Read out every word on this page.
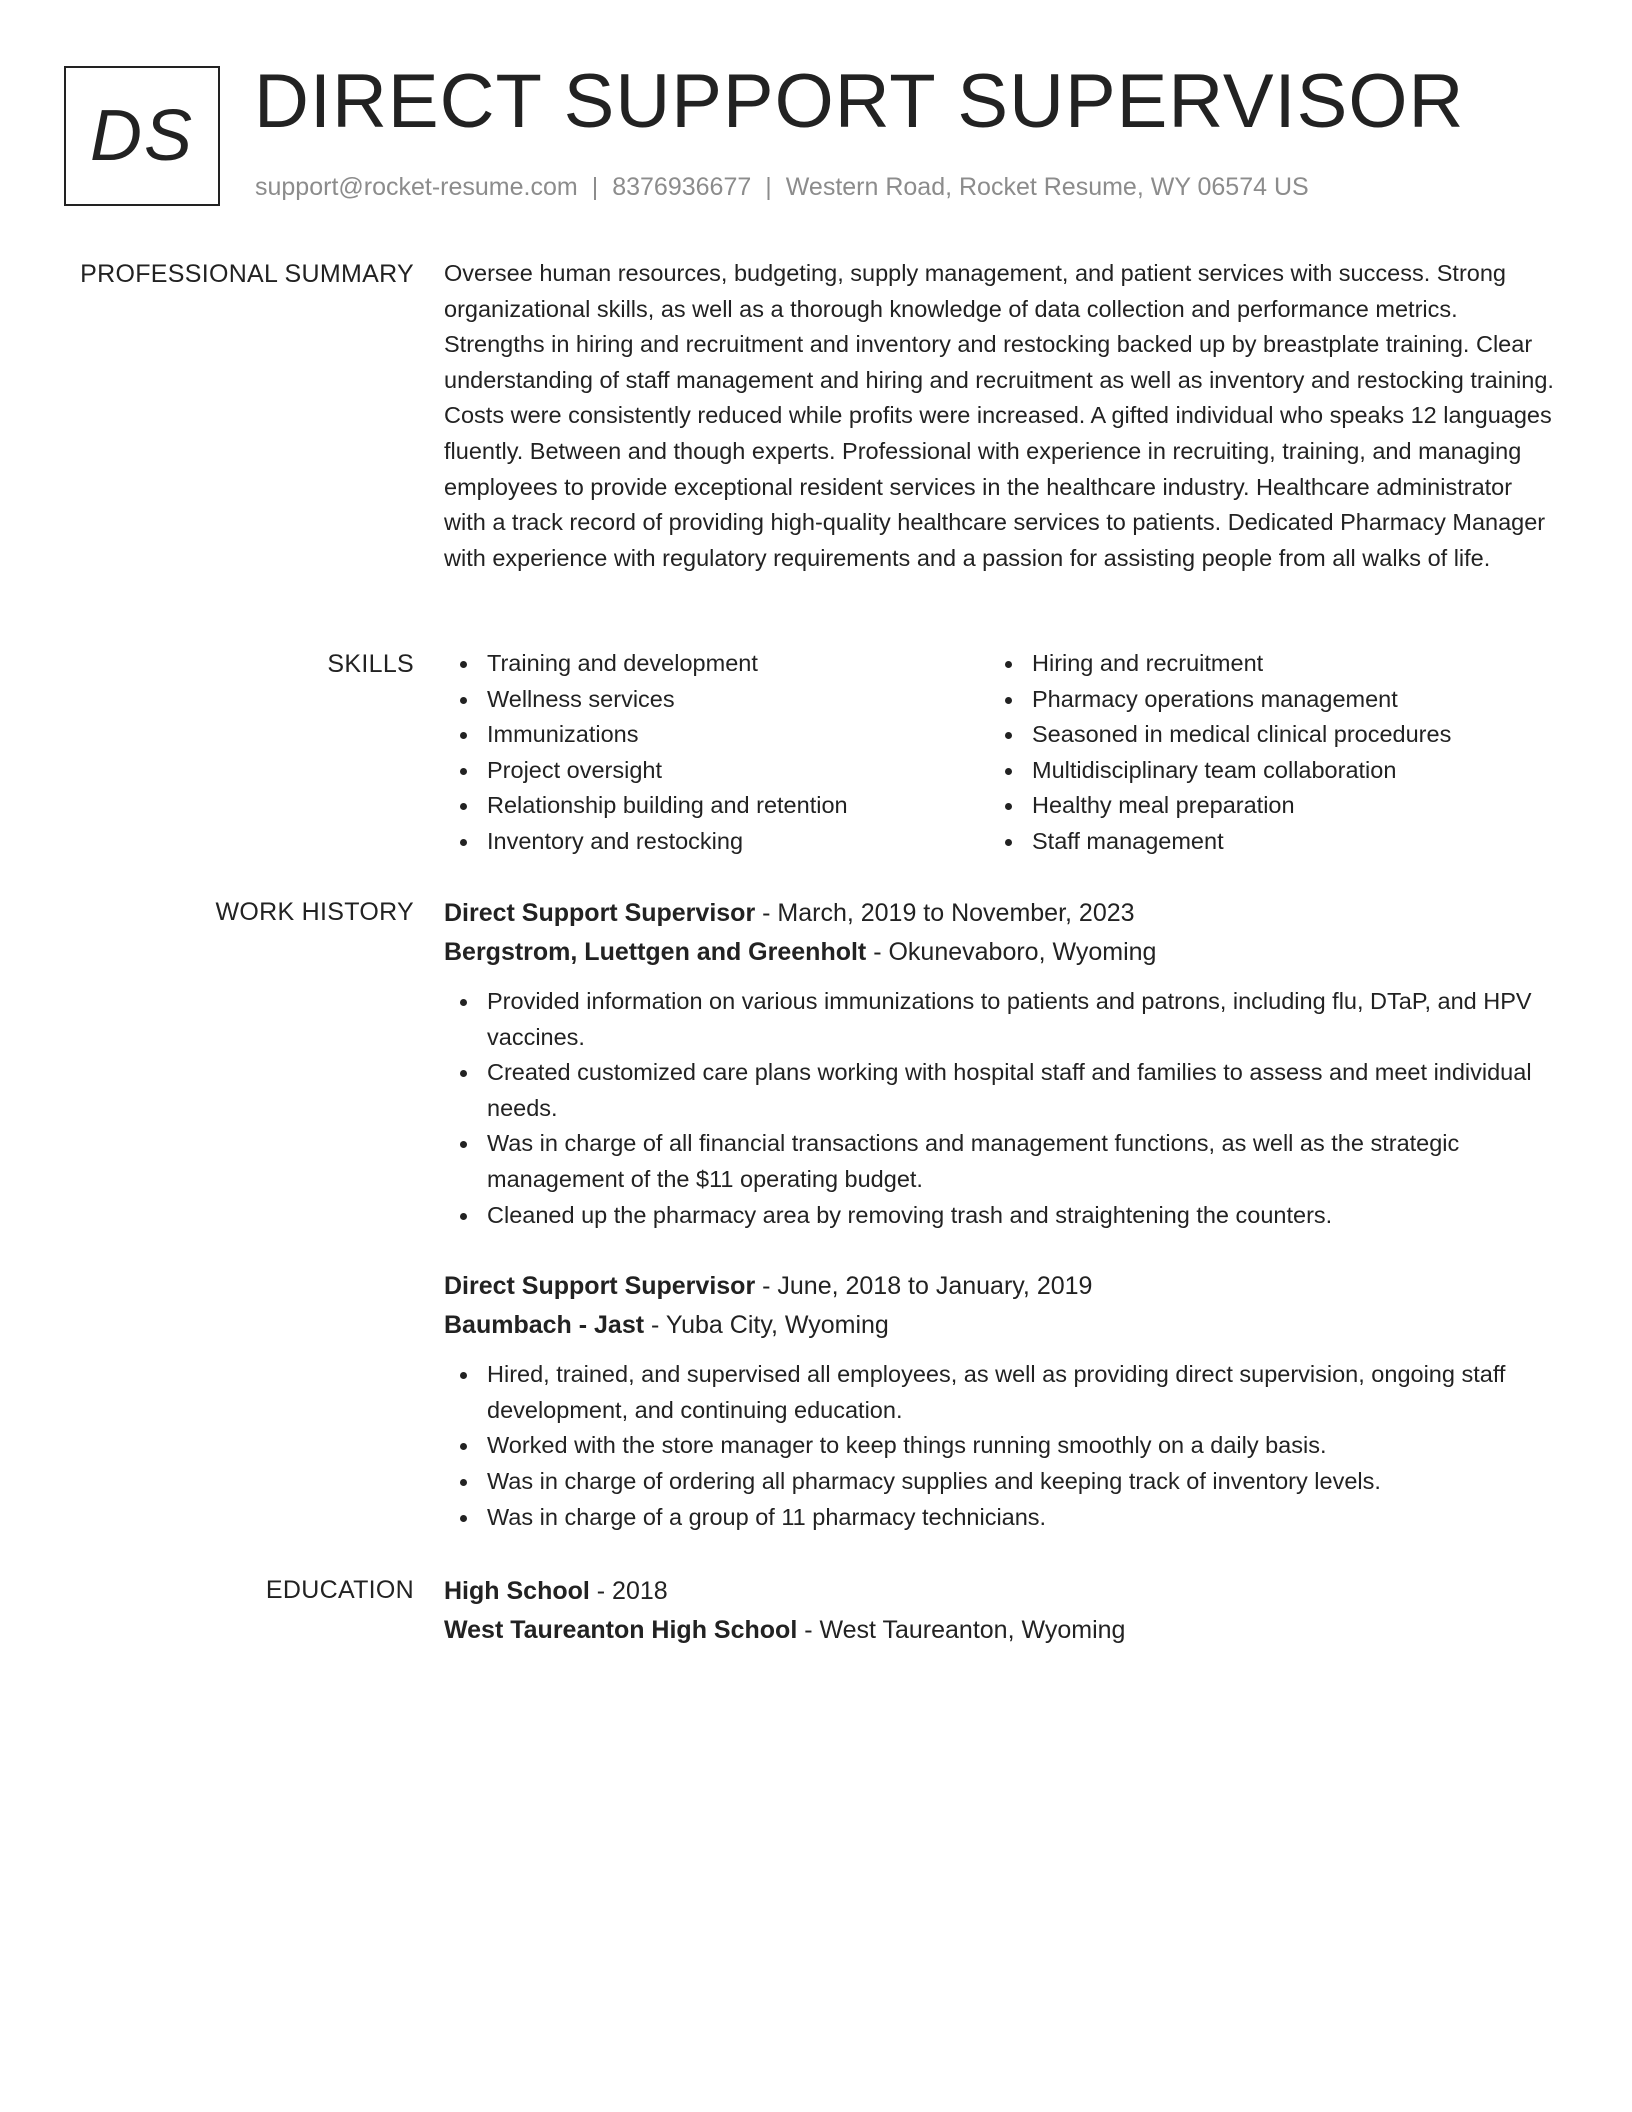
DS DIRECT SUPPORT SUPERVISOR
support@rocket-resume.com | 8376936677 | Western Road, Rocket Resume, WY 06574 US
PROFESSIONAL SUMMARY Oversee human resources, budgeting, supply management, and patient services with success. Strong organizational skills, as well as a thorough knowledge of data collection and performance metrics. Strengths in hiring and recruitment and inventory and restocking backed up by breastplate training. Clear understanding of staff management and hiring and recruitment as well as inventory and restocking training. Costs were consistently reduced while profits were increased. A gifted individual who speaks 12 languages fluently. Between and though experts. Professional with experience in recruiting, training, and managing employees to provide exceptional resident services in the healthcare industry. Healthcare administrator with a track record of providing high-quality healthcare services to patients. Dedicated Pharmacy Manager with experience with regulatory requirements and a passion for assisting people from all walks of life.

SKILLS	Training and development
Wellness services
Immunizations
Project oversight
Relationship building and retention
Inventory and restocking
Hiring and recruitment
Pharmacy operations management
Seasoned in medical clinical procedures
Multidisciplinary team collaboration
Healthy meal preparation
Staff management
WORK HISTORY Direct Support Supervisor - March, 2019 to November, 2023
Bergstrom, Luettgen and Greenholt - Okunevaboro, Wyoming
Provided information on various immunizations to patients and patrons, including flu, DTaP, and HPV vaccines.
Created customized care plans working with hospital staff and families to assess and meet individual needs.
Was in charge of all financial transactions and management functions, as well as the strategic management of the $11 operating budget.
Cleaned up the pharmacy area by removing trash and straightening the counters.
Direct Support Supervisor - June, 2018 to January, 2019
Baumbach - Jast - Yuba City, Wyoming
Hired, trained, and supervised all employees, as well as providing direct supervision, ongoing staff development, and continuing education.
Worked with the store manager to keep things running smoothly on a daily basis.
Was in charge of ordering all pharmacy supplies and keeping track of inventory levels.
Was in charge of a group of 11 pharmacy technicians.
EDUCATION High School - 2018
West Taureanton High School - West Taureanton, Wyoming
